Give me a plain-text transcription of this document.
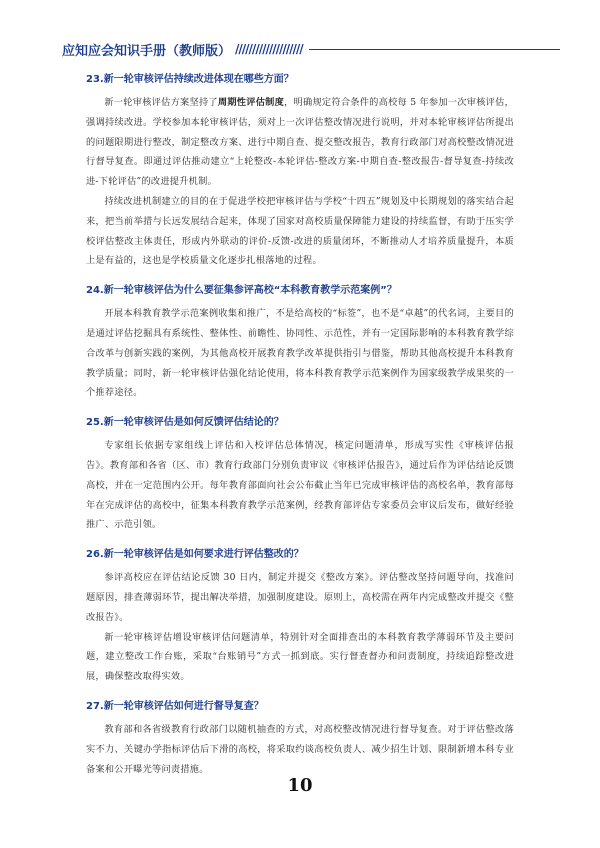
应知应会知识手册（教师版） ////////////////////
23.新一轮审核评估持续改进体现在哪些方面？

新一轮审核评估方案坚持了周期性评估制度，明确规定符合条件的高校每 5 年参加一次审核评估，强调持续改进。学校参加本轮审核评估，须对上一次评估整改情况进行说明，并对本轮审核评估所提出的问题限期进行整改，制定整改方案、进行中期自查、提交整改报告，教育行政部门对高校整改情况进行督导复查。即通过评估推动建立“上轮整改-本轮评估-整改方案-中期自查-整改报告-督导复查-持续改进-下轮评估”的改进提升机制。

持续改进机制建立的目的在于促进学校把审核评估与学校“十四五”规划及中长期规划的落实结合起来，把当前举措与长远发展结合起来，体现了国家对高校质量保障能力建设的持续监督，有助于压实学校评估整改主体责任，形成内外联动的评价-反馈-改进的质量闭环，不断推动人才培养质量提升，本质上是有益的，这也是学校质量文化逐步扎根落地的过程。

24.新一轮审核评估为什么要征集参评高校“本科教育教学示范案例”？

开展本科教育教学示范案例收集和推广，不是给高校的“标签”，也不是“卓越”的代名词，主要目的是通过评估挖掘具有系统性、整体性、前瞻性、协同性、示范性，并有一定国际影响的本科教育教学综合改革与创新实践的案例，为其他高校开展教育教学改革提供指引与借鉴，帮助其他高校提升本科教育教学质量；同时，新一轮审核评估强化结论使用，将本科教育教学示范案例作为国家级教学成果奖的一个推荐途径。

25.新一轮审核评估是如何反馈评估结论的？

专家组长依据专家组线上评估和入校评估总体情况，核定问题清单，形成写实性《审核评估报告》。教育部和各省（区、市）教育行政部门分别负责审议《审核评估报告》，通过后作为评估结论反馈高校，并在一定范围内公开。每年教育部面向社会公布截止当年已完成审核评估的高校名单，教育部每年在完成评估的高校中，征集本科教育教学示范案例，经教育部评估专家委员会审议后发布，做好经验推广、示范引领。

26.新一轮审核评估是如何要求进行评估整改的？

参评高校应在评估结论反馈 30 日内，制定并提交《整改方案》。评估整改坚持问题导向，找准问题原因，排查薄弱环节，提出解决举措，加强制度建设。原则上，高校需在两年内完成整改并提交《整改报告》。

新一轮审核评估增设审核评估问题清单，特别针对全面排查出的本科教育教学薄弱环节及主要问题，建立整改工作台账，采取“台账销号”方式一抓到底。实行督查督办和问责制度，持续追踪整改进展，确保整改取得实效。

27.新一轮审核评估如何进行督导复查？

教育部和各省级教育行政部门以随机抽查的方式，对高校整改情况进行督导复查。对于评估整改落实不力、关键办学指标评估后下滑的高校，将采取约谈高校负责人、减少招生计划、限制新增本科专业备案和公开曝光等问责措施。

10
